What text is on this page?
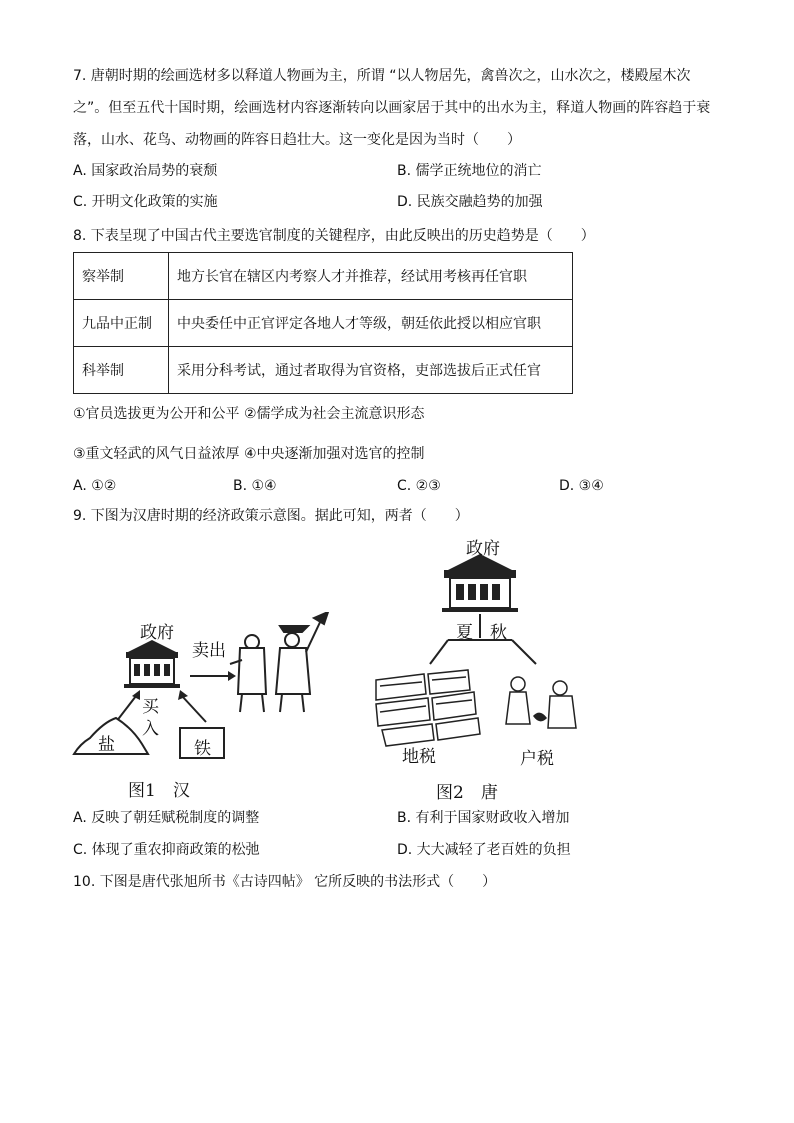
7. 唐朝时期的绘画选材多以释道人物画为主，所谓 “以人物居先，禽兽次之，山水次之，楼殿屋木次
之”。但至五代十国时期，绘画选材内容逐渐转向以画家居于其中的出水为主，释道人物画的阵容趋于衰
落，山水、花鸟、动物画的阵容日趋壮大。这一变化是因为当时（　　）
A. 国家政治局势的衰颓	B. 儒学正统地位的消亡
C. 开明文化政策的实施	D. 民族交融趋势的加强
8. 下表呈现了中国古代主要选官制度的关键程序，由此反映出的历史趋势是（　　）
察举制	地方长官在辖区内考察人才并推荐，经试用考核再任官职
九品中正制	中央委任中正官评定各地人才等级，朝廷依此授以相应官职
科举制	采用分科考试，通过者取得为官资格，吏部选拔后正式任官
①官员选拔更为公开和公平 ②儒学成为社会主流意识形态
③重文轻武的风气日益浓厚 ④中央逐渐加强对选官的控制
A. ①②	B. ①④	C. ②③	D. ③④
9. 下图为汉唐时期的经济政策示意图。据此可知，两者（　　）
政府
卖出
买入
盐	铁
图1　汉
政府
夏 秋
地税	户税
图2　唐
A. 反映了朝廷赋税制度的调整	B. 有利于国家财政收入增加
C. 体现了重农抑商政策的松弛	D. 大大减轻了老百姓的负担
10. 下图是唐代张旭所书《古诗四帖》 它所反映的书法形式（　　）
